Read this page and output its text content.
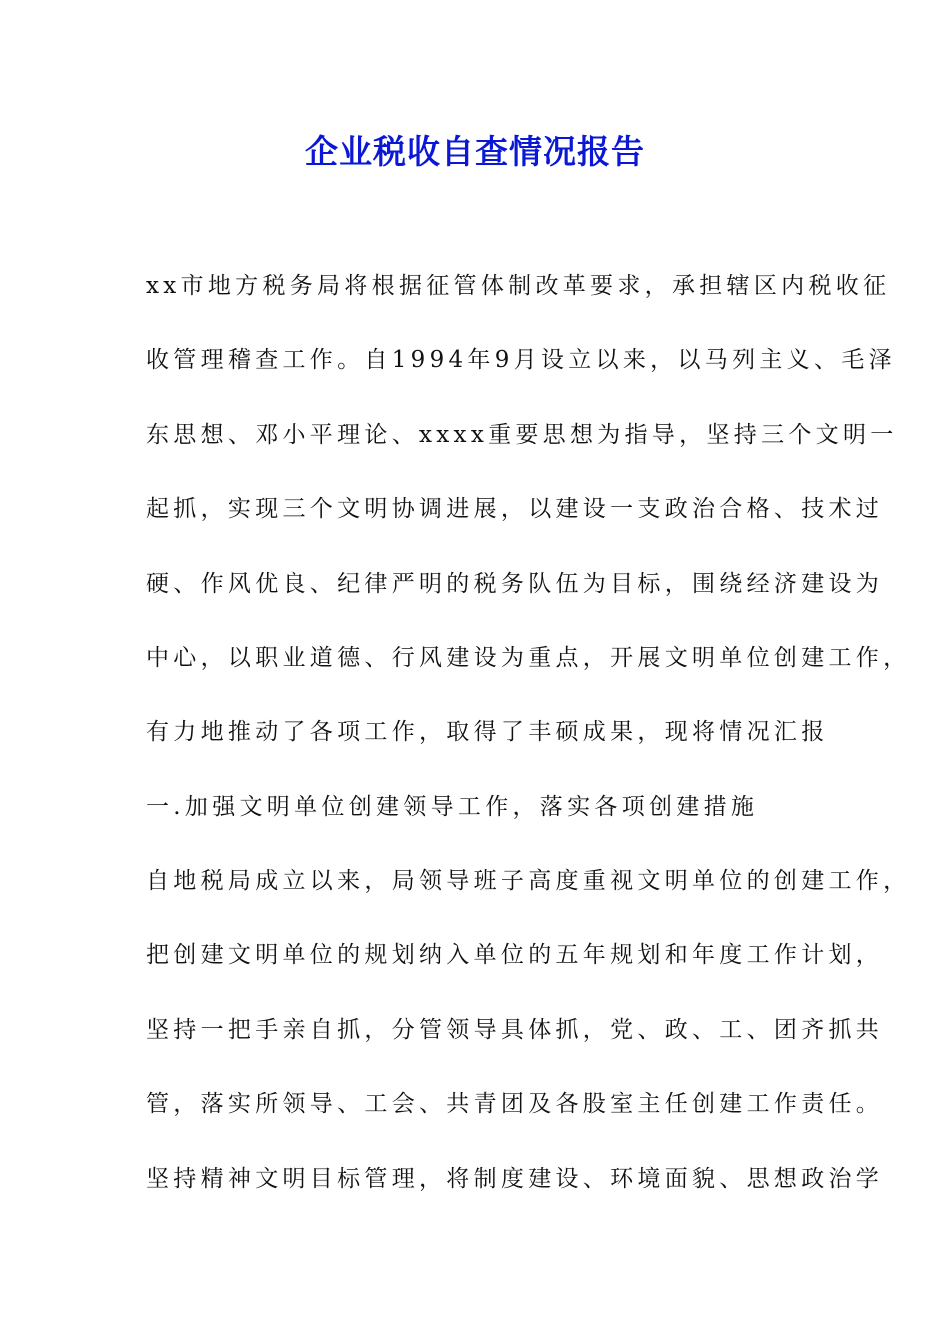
企业税收自查情况报告
xx市地方税务局将根据征管体制改革要求，承担辖区内税收征
收管理稽查工作。自1994年9月设立以来，以马列主义、毛泽
东思想、邓小平理论、xxxx重要思想为指导，坚持三个文明一
起抓，实现三个文明协调进展，以建设一支政治合格、技术过
硬、作风优良、纪律严明的税务队伍为目标，围绕经济建设为
中心，以职业道德、行风建设为重点，开展文明单位创建工作，
有力地推动了各项工作，取得了丰硕成果，现将情况汇报
一.加强文明单位创建领导工作，落实各项创建措施
自地税局成立以来，局领导班子高度重视文明单位的创建工作，
把创建文明单位的规划纳入单位的五年规划和年度工作计划，
坚持一把手亲自抓，分管领导具体抓，党、政、工、团齐抓共
管，落实所领导、工会、共青团及各股室主任创建工作责任。
坚持精神文明目标管理，将制度建设、环境面貌、思想政治学
